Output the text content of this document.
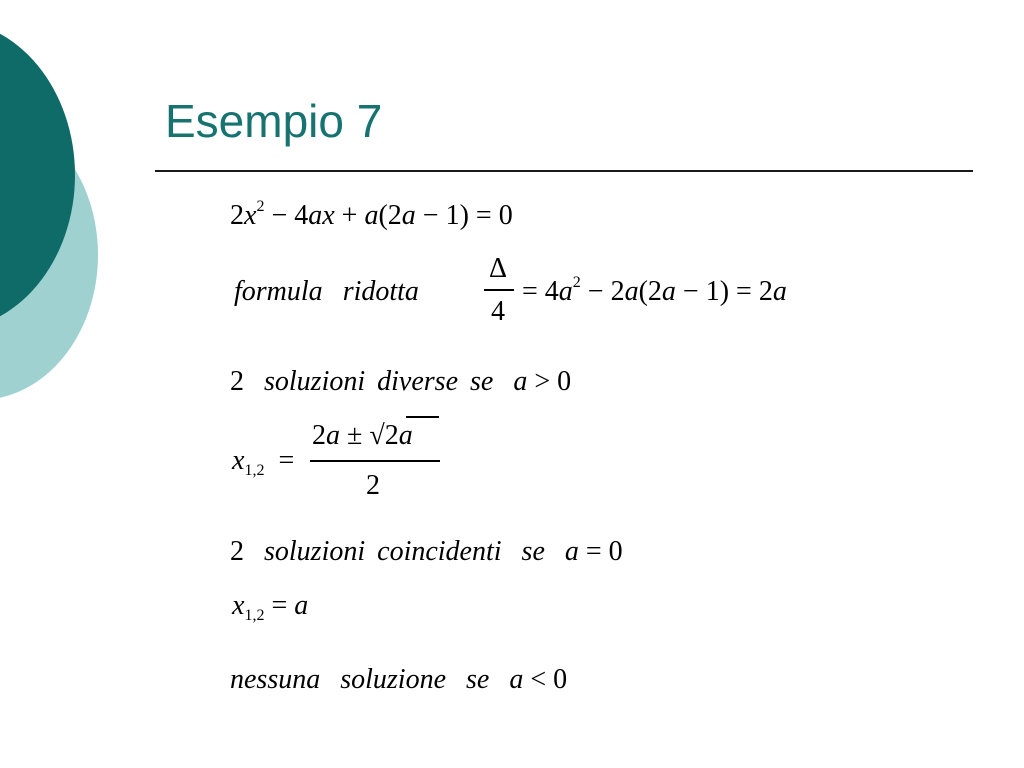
Esempio 7
$2x^2 - 4ax + a(2a - 1) = 0$
formula ridotta
Δ
4
= $4a^2 - 2a(2a - 1) = 2a$
2 soluzioni diverse se a > 0
$x_{1,2}$ =
2a ± √2a
2
2 soluzioni coincidenti se a = 0
$x_{1,2} = a$
nessuna soluzione se a < 0
